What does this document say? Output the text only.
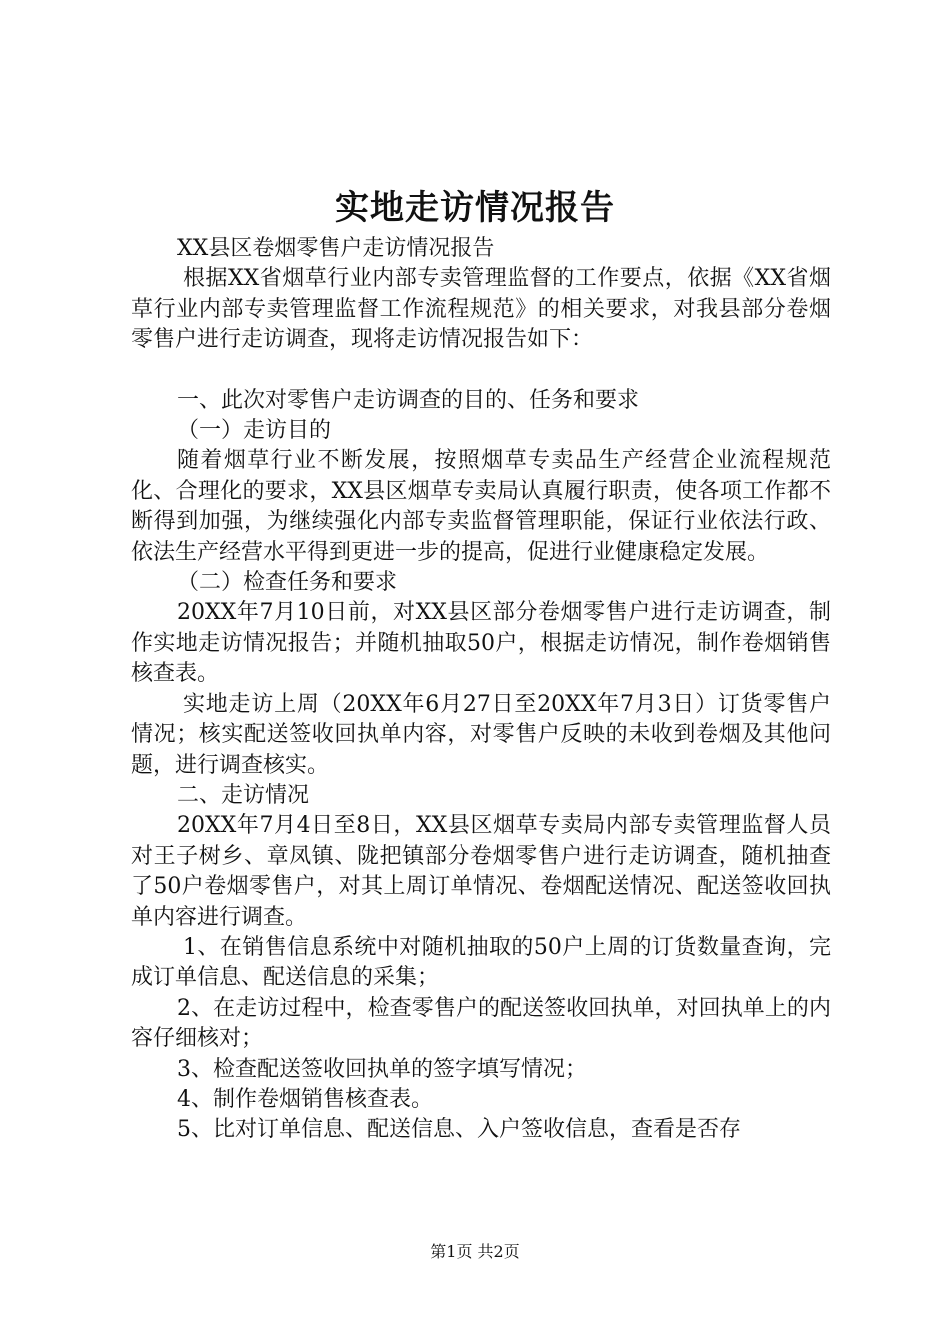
实地走访情况报告

XX县区卷烟零售户走访情况报告

根据XX省烟草行业内部专卖管理监督的工作要点，依据《XX省烟草行业内部专卖管理监督工作流程规范》的相关要求，对我县部分卷烟零售户进行走访调查，现将走访情况报告如下：

一、此次对零售户走访调查的目的、任务和要求

（一）走访目的

随着烟草行业不断发展，按照烟草专卖品生产经营企业流程规范化、合理化的要求，XX县区烟草专卖局认真履行职责，使各项工作都不断得到加强，为继续强化内部专卖监督管理职能，保证行业依法行政、依法生产经营水平得到更进一步的提高，促进行业健康稳定发展。

（二）检查任务和要求

20XX年7月10日前，对XX县区部分卷烟零售户进行走访调查，制作实地走访情况报告；并随机抽取50户，根据走访情况，制作卷烟销售核查表。

实地走访上周（20XX年6月27日至20XX年7月3日）订货零售户情况；核实配送签收回执单内容，对零售户反映的未收到卷烟及其他问题，进行调查核实。

二、走访情况

20XX年7月4日至8日，XX县区烟草专卖局内部专卖管理监督人员对王子树乡、章凤镇、陇把镇部分卷烟零售户进行走访调查，随机抽查了50户卷烟零售户，对其上周订单情况、卷烟配送情况、配送签收回执单内容进行调查。

1、在销售信息系统中对随机抽取的50户上周的订货数量查询，完成订单信息、配送信息的采集；

2、在走访过程中，检查零售户的配送签收回执单，对回执单上的内容仔细核对；

3、检查配送签收回执单的签字填写情况；

4、制作卷烟销售核查表。

5、比对订单信息、配送信息、入户签收信息，查看是否存

第1页 共2页
